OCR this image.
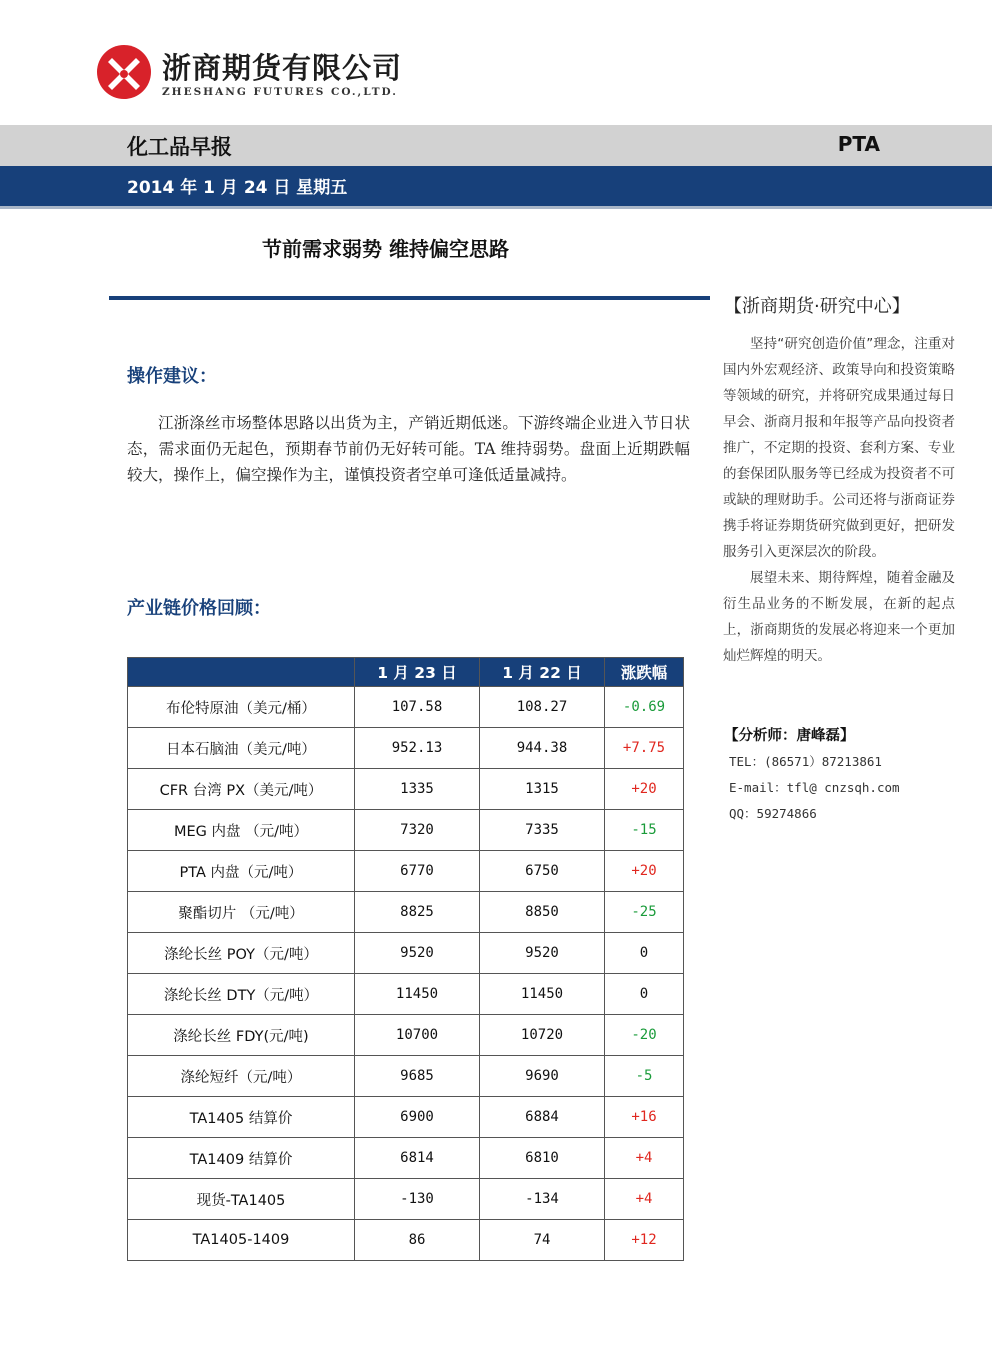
浙商期货有限公司
ZHESHANG FUTURES CO.,LTD.
化工品早报	PTA
2014 年 1 月 24 日 星期五
节前需求弱势 维持偏空思路
操作建议：
江浙涤丝市场整体思路以出货为主，产销近期低迷。下游终端企业进入节日状态，需求面仍无起色，预期春节前仍无好转可能。TA 维持弱势。盘面上近期跌幅较大，操作上，偏空操作为主，谨慎投资者空单可逢低适量减持。
产业链价格回顾：
	1 月 23 日	1 月 22 日	涨跌幅
布伦特原油（美元/桶）	107.58	108.27	-0.69
日本石脑油（美元/吨）	952.13	944.38	+7.75
CFR 台湾 PX（美元/吨）	1335	1315	+20
MEG 内盘 （元/吨）	7320	7335	-15
PTA 内盘（元/吨）	6770	6750	+20
聚酯切片 （元/吨）	8825	8850	-25
涤纶长丝 POY（元/吨）	9520	9520	0
涤纶长丝 DTY（元/吨）	11450	11450	0
涤纶长丝 FDY(元/吨)	10700	10720	-20
涤纶短纤（元/吨）	9685	9690	-5
TA1405 结算价	6900	6884	+16
TA1409 结算价	6814	6810	+4
现货-TA1405	-130	-134	+4
TA1405-1409	86	74	+12
【浙商期货·研究中心】

坚持“研究创造价值”理念，注重对国内外宏观经济、政策导向和投资策略等领域的研究，并将研究成果通过每日早会、浙商月报和年报等产品向投资者推广，不定期的投资、套利方案、专业的套保团队服务等已经成为投资者不可或缺的理财助手。公司还将与浙商证券携手将证券期货研究做到更好，把研发服务引入更深层次的阶段。

展望未来、期待辉煌，随着金融及衍生品业务的不断发展，在新的起点上，浙商期货的发展必将迎来一个更加灿烂辉煌的明天。

【分析师：唐峰磊】
TEL：(86571）87213861
E-mail：tfl@ cnzsqh.com
QQ：59274866
